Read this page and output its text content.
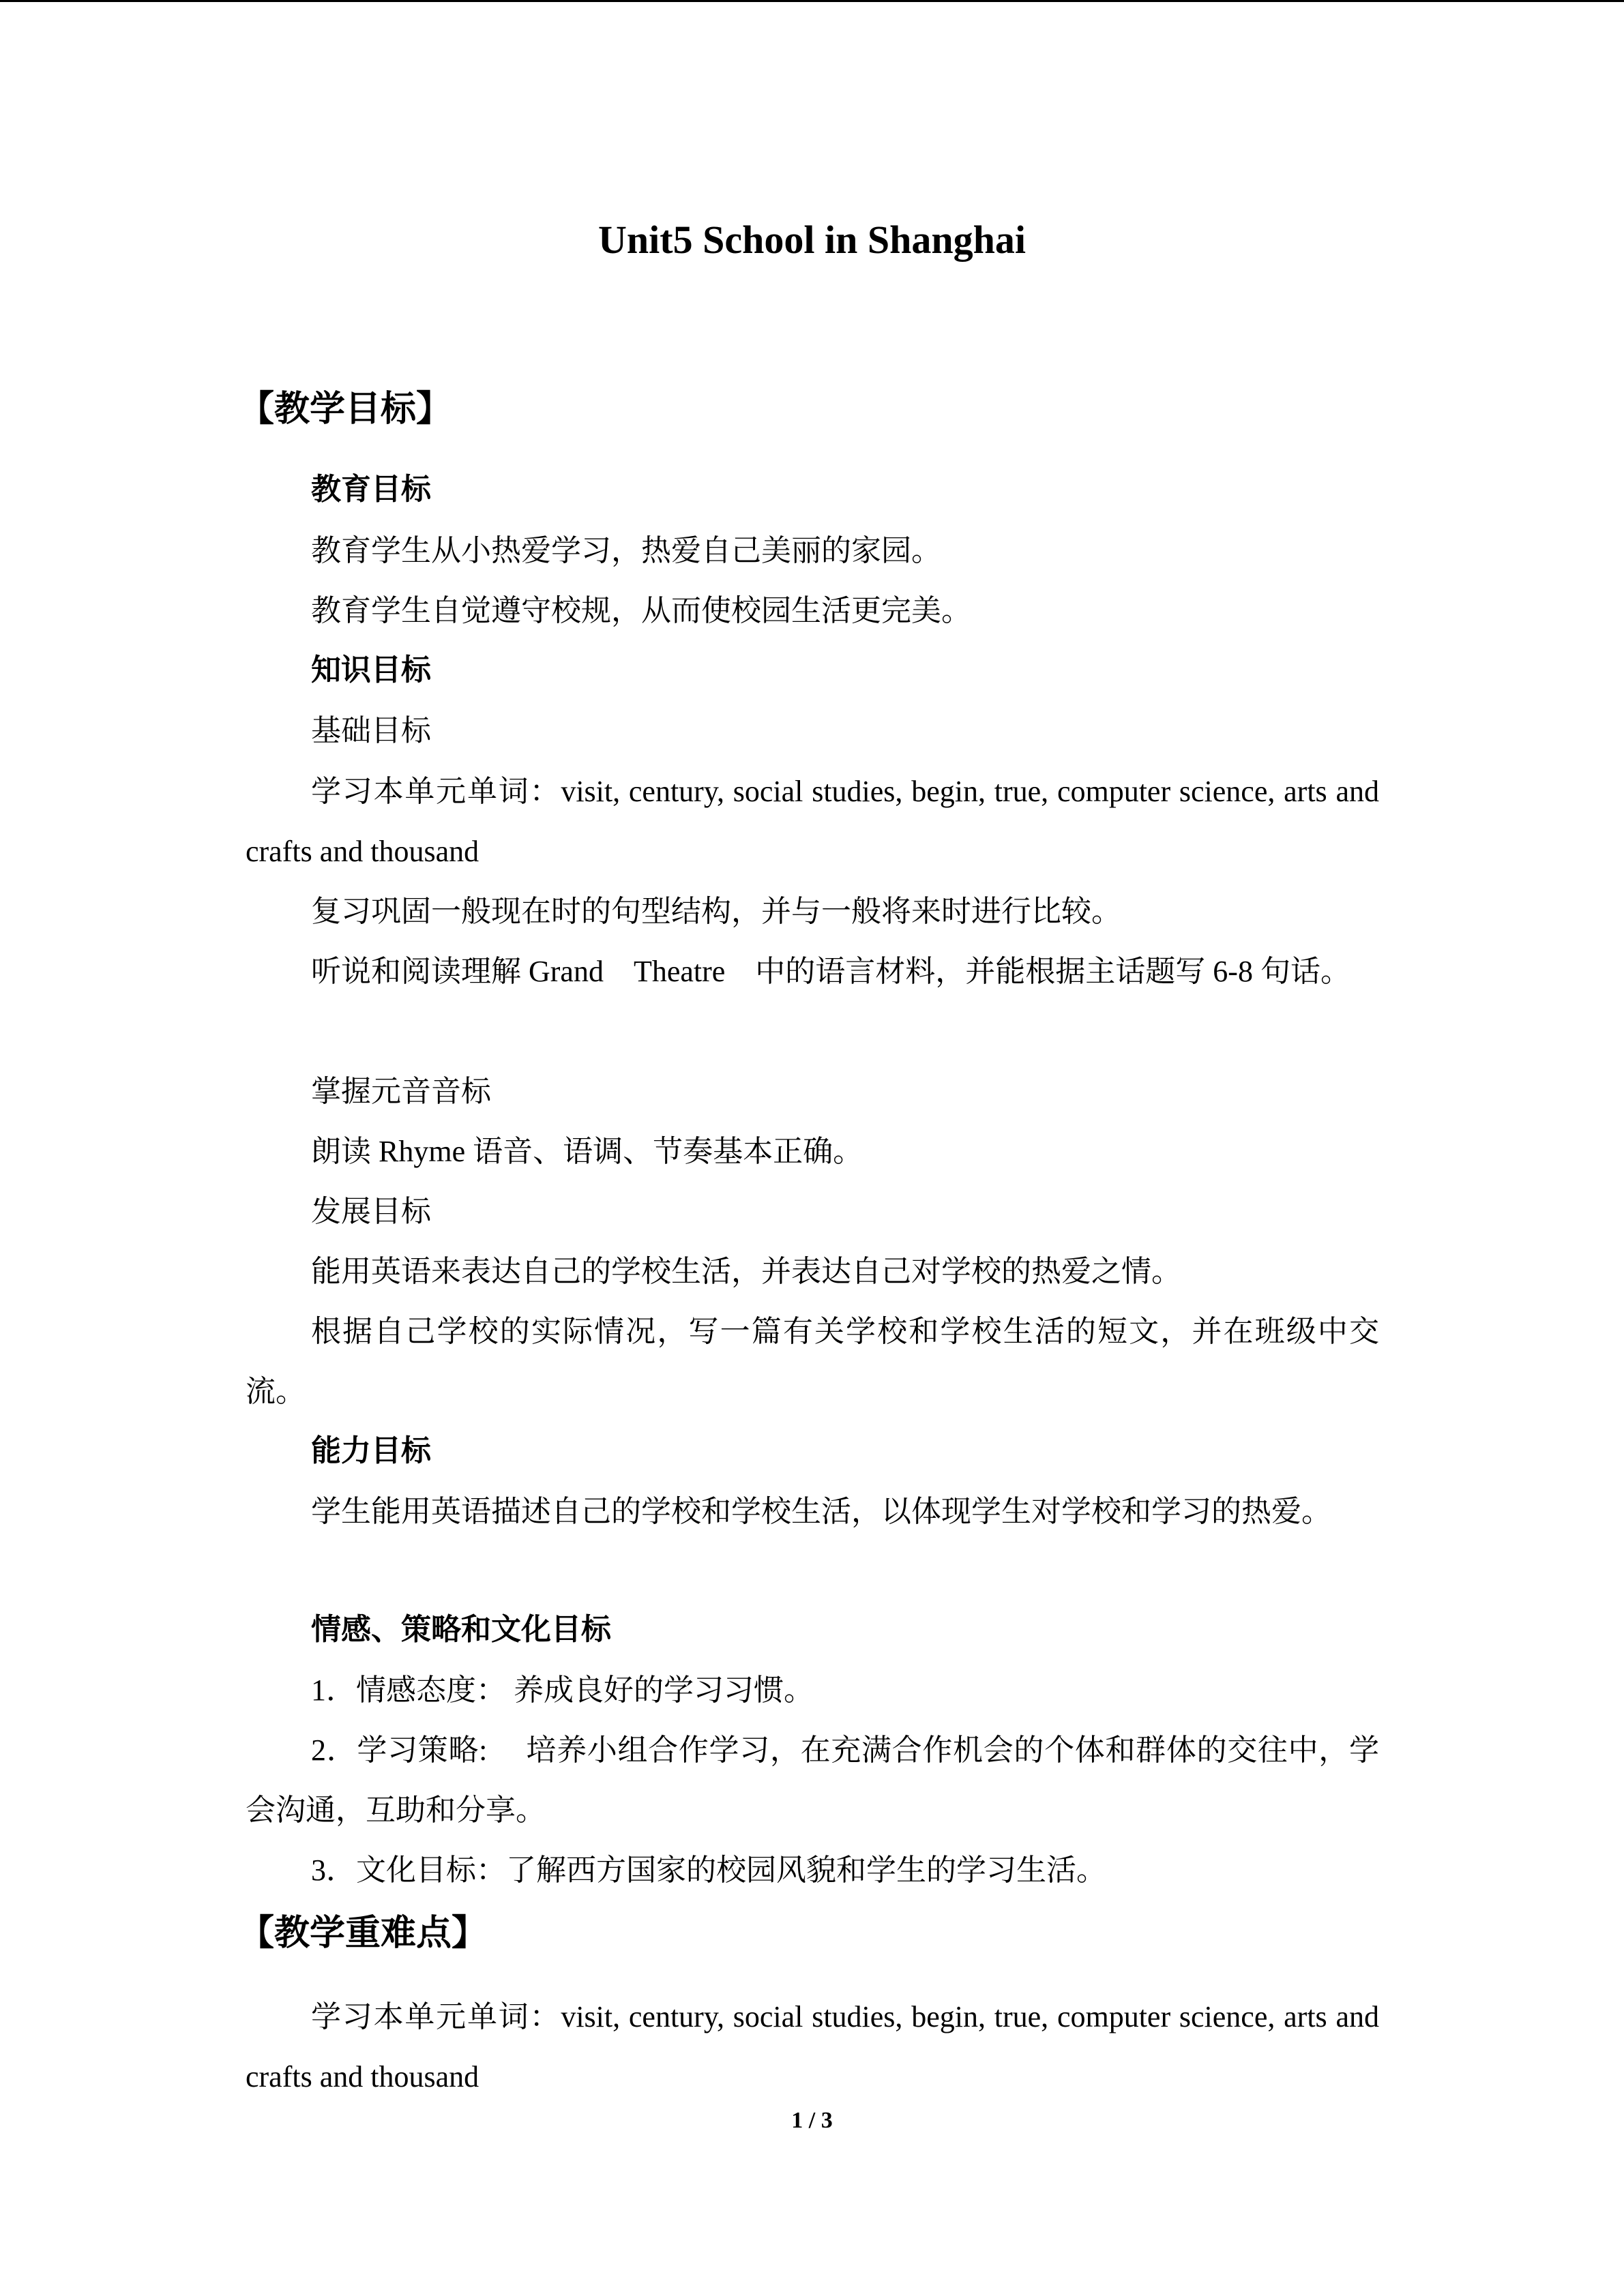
Unit5 School in Shanghai
【教学目标】
教育目标

教育学生从小热爱学习，热爱自己美丽的家园。

教育学生自觉遵守校规，从而使校园生活更完美。

知识目标

基础目标

学习本单元单词：visit, century, social studies, begin, true, computer science, arts and crafts and thousand

复习巩固一般现在时的句型结构，并与一般将来时进行比较。

听说和阅读理解 Grand　Theatre　中的语言材料，并能根据主话题写 6-8 句话。

掌握元音音标

朗读 Rhyme 语音、语调、节奏基本正确。

发展目标

能用英语来表达自己的学校生活，并表达自己对学校的热爱之情。

根据自己学校的实际情况，写一篇有关学校和学校生活的短文，并在班级中交流。

能力目标

学生能用英语描述自己的学校和学校生活，以体现学生对学校和学习的热爱。

情感、策略和文化目标

1．情感态度： 养成良好的学习习惯。

2．学习策略:　 培养小组合作学习，在充满合作机会的个体和群体的交往中，学会沟通，互助和分享。

3．文化目标：了解西方国家的校园风貌和学生的学习生活。

【教学重难点】

学习本单元单词：visit, century, social studies, begin, true, computer science, arts and crafts and thousand

1 / 3
